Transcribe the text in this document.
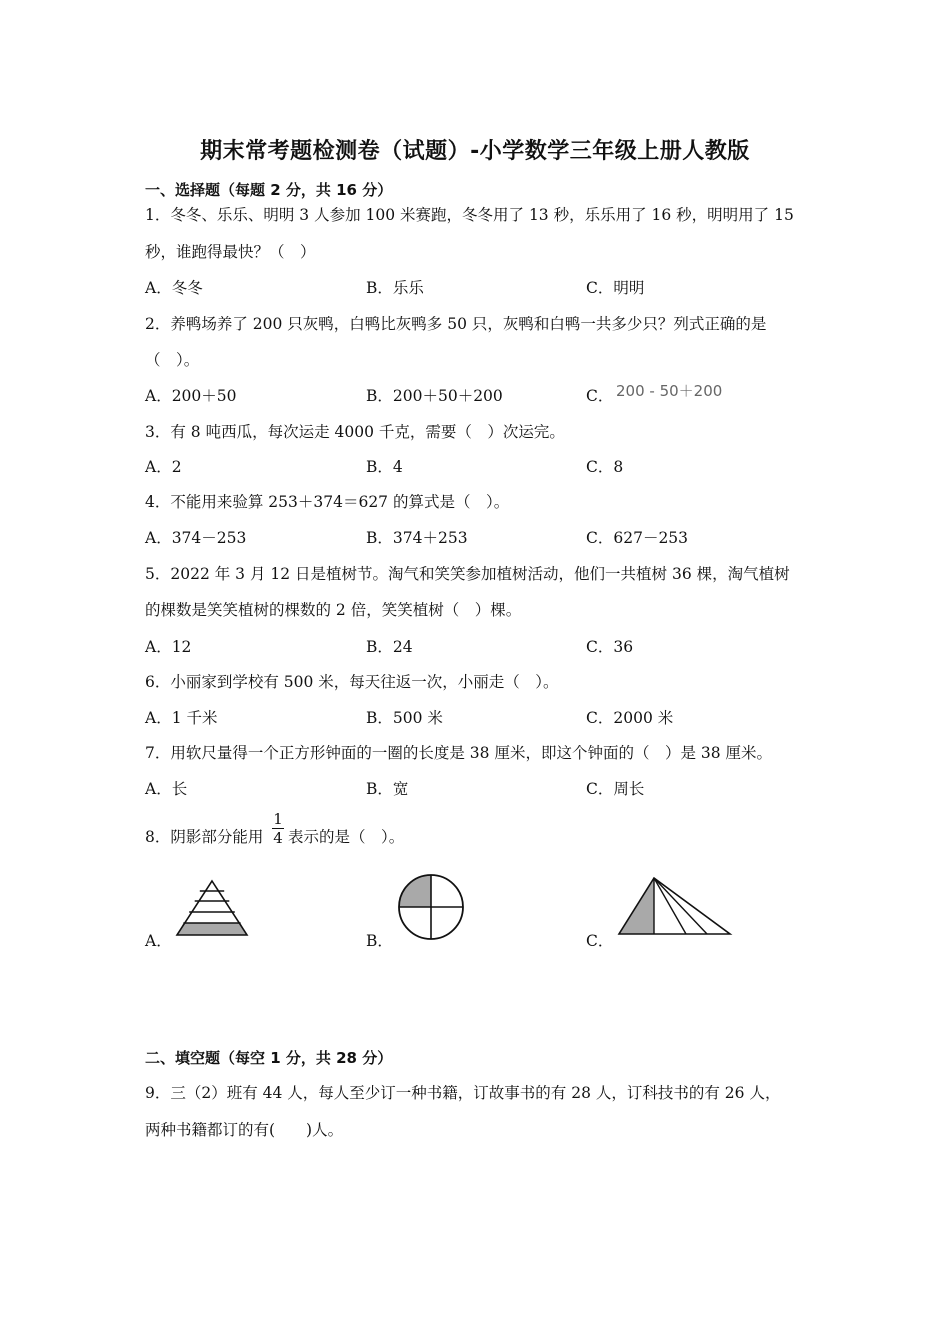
期末常考题检测卷（试题）-小学数学三年级上册人教版
一、选择题（每题 2 分，共 16 分）
1．冬冬、乐乐、明明 3 人参加 100 米赛跑，冬冬用了 13 秒，乐乐用了 16 秒，明明用了 15
秒，谁跑得最快？（　）
A．冬冬	B．乐乐	C．明明
2．养鸭场养了 200 只灰鸭，白鸭比灰鸭多 50 只，灰鸭和白鸭一共多少只？列式正确的是
（　）。
A．200＋50	B．200＋50＋200	C． 200 - 50＋200
3．有 8 吨西瓜，每次运走 4000 千克，需要（　）次运完。
A．2	B．4	C．8
4．不能用来验算 253＋374＝627 的算式是（　）。
A．374－253	B．374＋253	C．627－253
5．2022 年 3 月 12 日是植树节。淘气和笑笑参加植树活动，他们一共植树 36 棵，淘气植树
的棵数是笑笑植树的棵数的 2 倍，笑笑植树（　）棵。
A．12	B．24	C．36
6．小丽家到学校有 500 米，每天往返一次，小丽走（　）。
A．1 千米	B．500 米	C．2000 米
7．用软尺量得一个正方形钟面的一圈的长度是 38 厘米，即这个钟面的（　）是 38 厘米。
A．长	B．宽	C．周长
8．阴影部分能用 $\frac{1}{4}$ 表示的是（　）。
A．	B．	C．
二、填空题（每空 1 分，共 28 分）
9．三（2）班有 44 人，每人至少订一种书籍，订故事书的有 28 人，订科技书的有 26 人，
两种书籍都订的有(　　)人。
